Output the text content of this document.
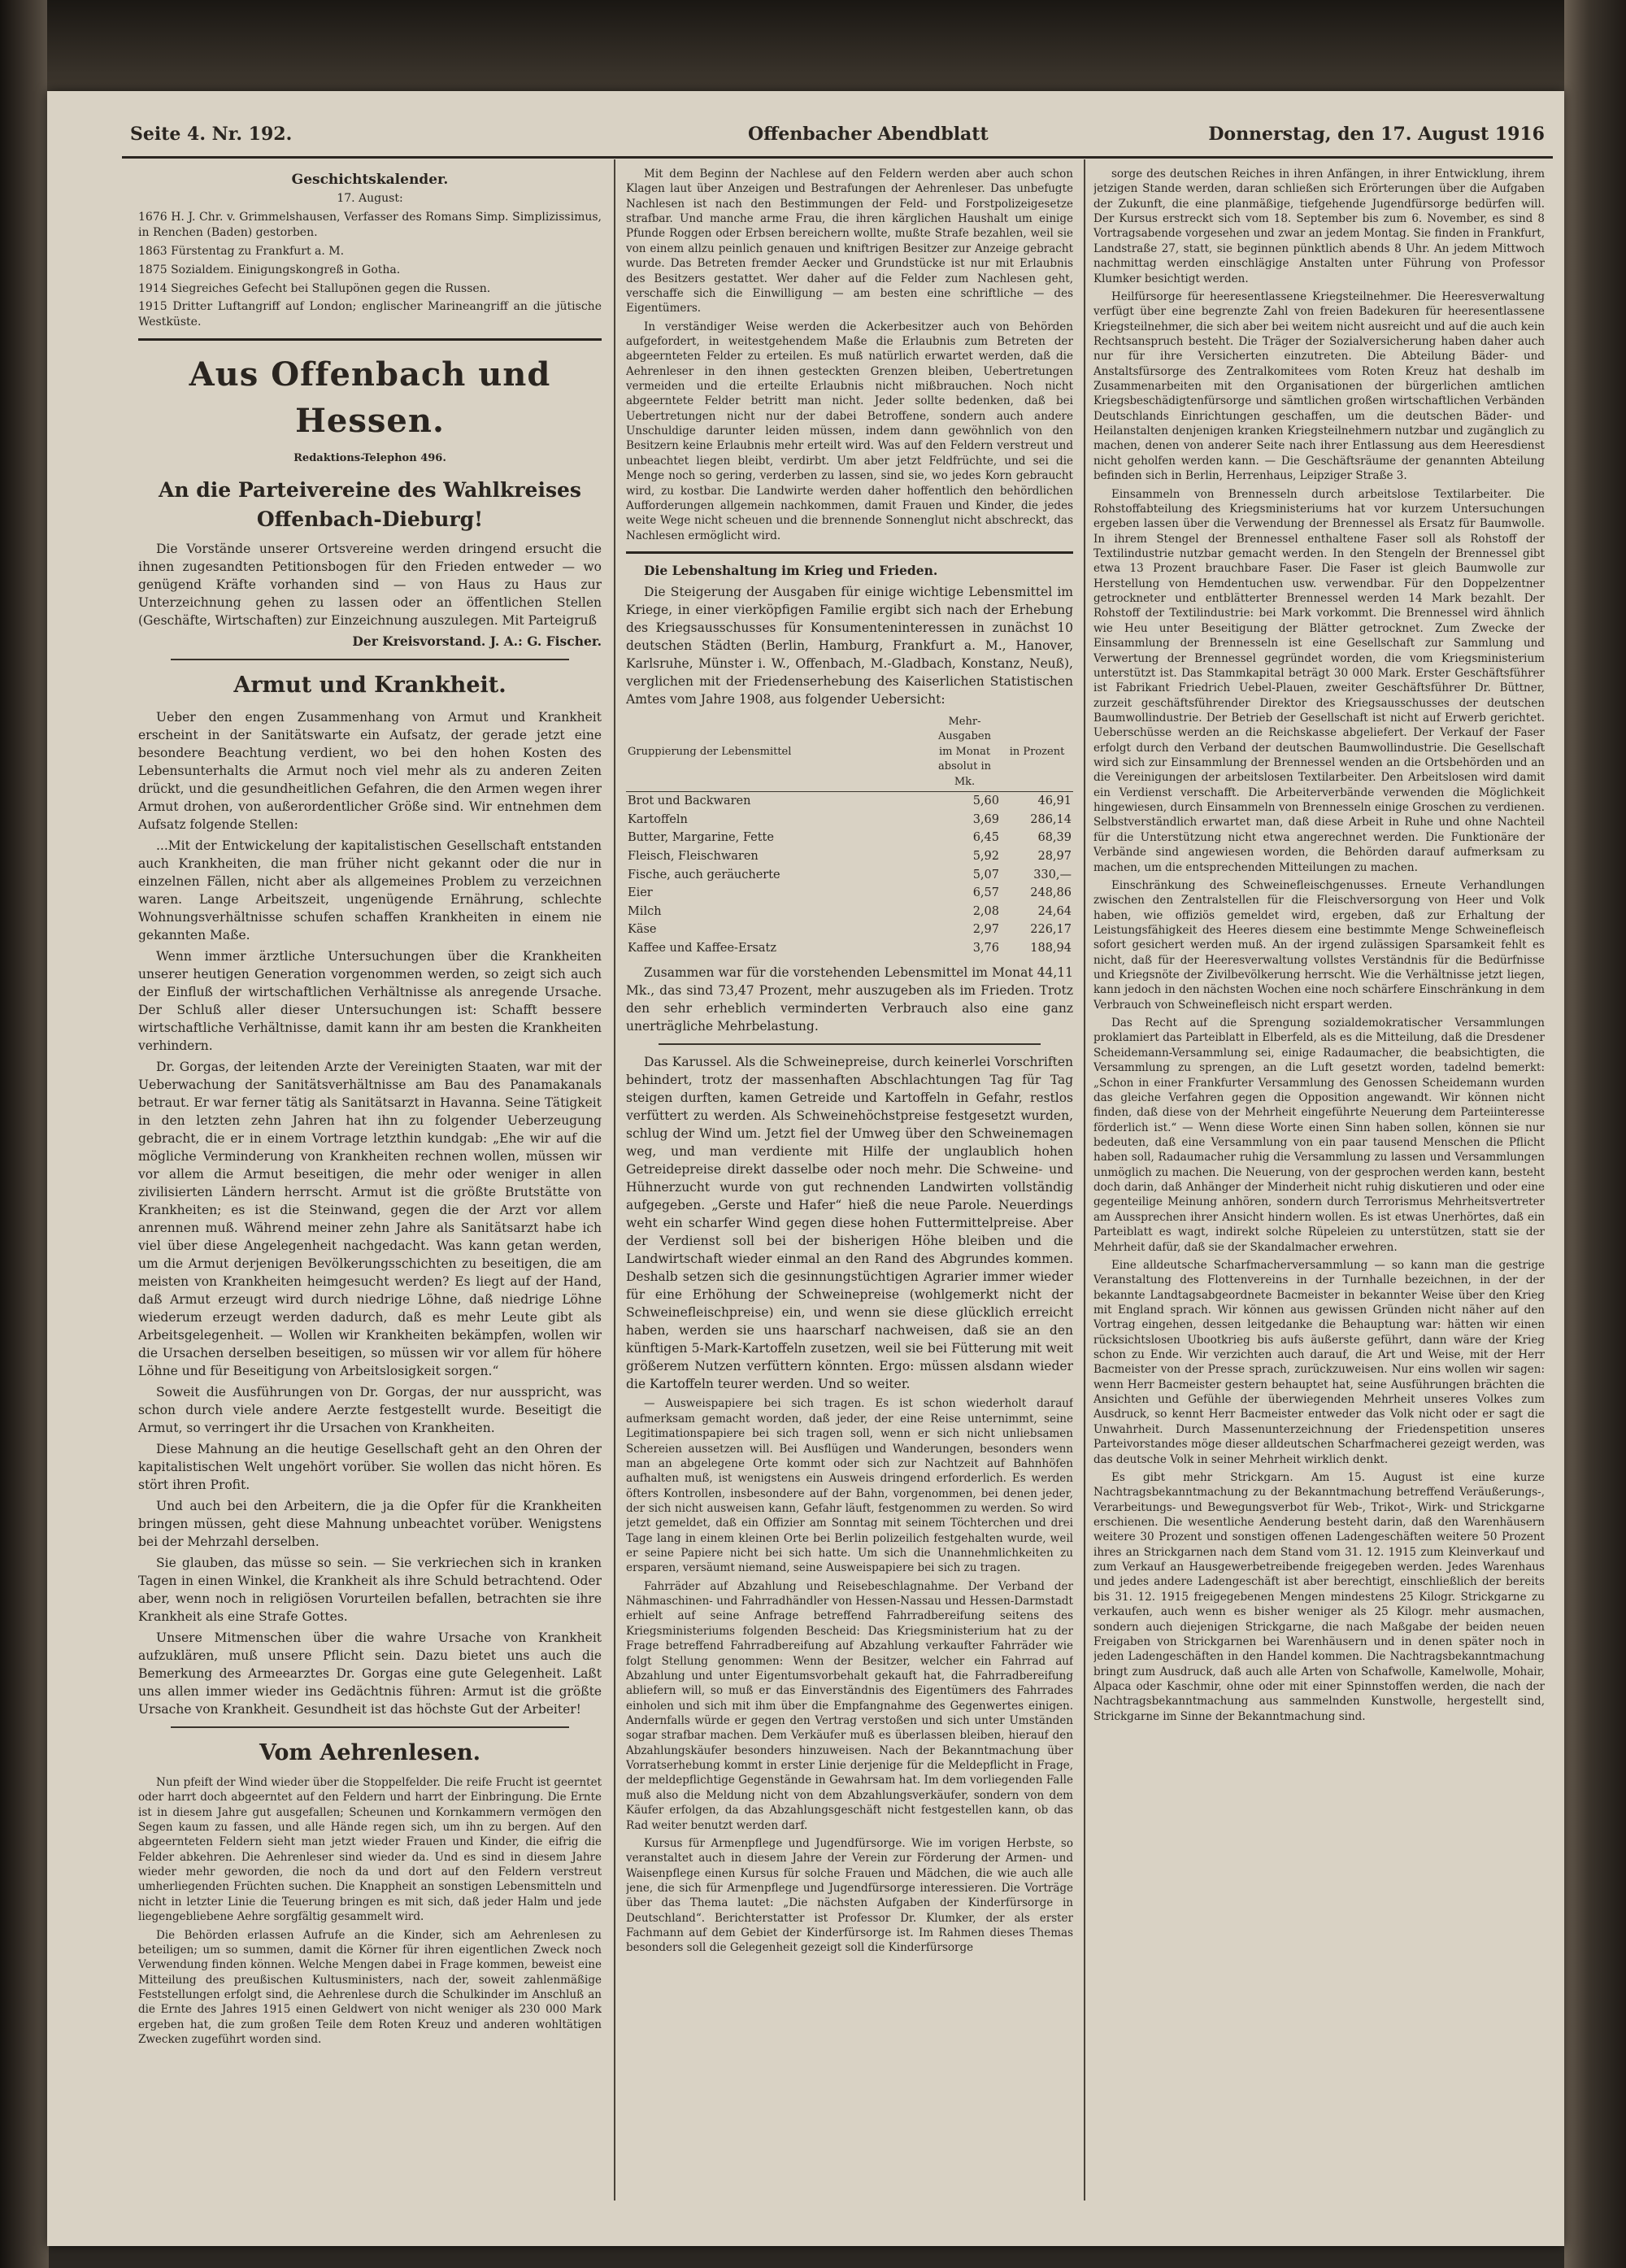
Seite 4. Nr. 192.	Offenbacher Abendblatt	Donnerstag, den 17. August 1916
Geschichtskalender.

17. August:

1676 H. J. Chr. v. Grimmelshausen, Verfasser des Romans Simp. Simplizissimus, in Renchen (Baden) gestorben.

1863 Fürstentag zu Frankfurt a. M.

1875 Sozialdem. Einigungskongreß in Gotha.

1914 Siegreiches Gefecht bei Stallupönen gegen die Russen.

1915 Dritter Luftangriff auf London; englischer Marineangriff an die jütische Westküste.

Aus Offenbach und Hessen.
Redaktions-Telephon 496.
An die Parteivereine des Wahlkreises Offenbach-Dieburg!

Die Vorstände unserer Ortsvereine werden dringend ersucht die ihnen zugesandten Petitionsbogen für den Frieden entweder — wo genügend Kräfte vorhanden sind — von Haus zu Haus zur Unterzeichnung gehen zu lassen oder an öffentlichen Stellen (Geschäfte, Wirtschaften) zur Einzeichnung auszulegen. Mit Parteigruß

Der Kreisvorstand. J. A.: G. Fischer.

Armut und Krankheit.

Ueber den engen Zusammenhang von Armut und Krankheit erscheint in der Sanitätswarte ein Aufsatz, der gerade jetzt eine besondere Beachtung verdient, wo bei den hohen Kosten des Lebensunterhalts die Armut noch viel mehr als zu anderen Zeiten drückt, und die gesundheitlichen Gefahren, die den Armen wegen ihrer Armut drohen, von außerordentlicher Größe sind. Wir entnehmen dem Aufsatz folgende Stellen:

...Mit der Entwickelung der kapitalistischen Gesellschaft entstanden auch Krankheiten, die man früher nicht gekannt oder die nur in einzelnen Fällen, nicht aber als allgemeines Problem zu verzeichnen waren. Lange Arbeitszeit, ungenügende Ernährung, schlechte Wohnungsverhältnisse schufen schaffen Krankheiten in einem nie gekannten Maße.

Wenn immer ärztliche Untersuchungen über die Krankheiten unserer heutigen Generation vorgenommen werden, so zeigt sich auch der Einfluß der wirtschaftlichen Verhältnisse als anregende Ursache. Der Schluß aller dieser Untersuchungen ist: Schafft bessere wirtschaftliche Verhältnisse, damit kann ihr am besten die Krankheiten verhindern.

Dr. Gorgas, der leitenden Arzte der Vereinigten Staaten, war mit der Ueberwachung der Sanitätsverhältnisse am Bau des Panamakanals betraut. Er war ferner tätig als Sanitätsarzt in Havanna. Seine Tätigkeit in den letzten zehn Jahren hat ihn zu folgender Ueberzeugung gebracht, die er in einem Vortrage letzthin kundgab: „Ehe wir auf die mögliche Verminderung von Krankheiten rechnen wollen, müssen wir vor allem die Armut beseitigen, die mehr oder weniger in allen zivilisierten Ländern herrscht. Armut ist die größte Brutstätte von Krankheiten; es ist die Steinwand, gegen die der Arzt vor allem anrennen muß. Während meiner zehn Jahre als Sanitätsarzt habe ich viel über diese Angelegenheit nachgedacht. Was kann getan werden, um die Armut derjenigen Bevölkerungsschichten zu beseitigen, die am meisten von Krankheiten heimgesucht werden? Es liegt auf der Hand, daß Armut erzeugt wird durch niedrige Löhne, daß niedrige Löhne wiederum erzeugt werden dadurch, daß es mehr Leute gibt als Arbeitsgelegenheit. — Wollen wir Krankheiten bekämpfen, wollen wir die Ursachen derselben beseitigen, so müssen wir vor allem für höhere Löhne und für Beseitigung von Arbeitslosigkeit sorgen.“

Soweit die Ausführungen von Dr. Gorgas, der nur ausspricht, was schon durch viele andere Aerzte festgestellt wurde. Beseitigt die Armut, so verringert ihr die Ursachen von Krankheiten.

Diese Mahnung an die heutige Gesellschaft geht an den Ohren der kapitalistischen Welt ungehört vorüber. Sie wollen das nicht hören. Es stört ihren Profit.

Und auch bei den Arbeitern, die ja die Opfer für die Krankheiten bringen müssen, geht diese Mahnung unbeachtet vorüber. Wenigstens bei der Mehrzahl derselben.

Sie glauben, das müsse so sein. — Sie verkriechen sich in kranken Tagen in einen Winkel, die Krankheit als ihre Schuld betrachtend. Oder aber, wenn noch in religiösen Vorurteilen befallen, betrachten sie ihre Krankheit als eine Strafe Gottes.

Unsere Mitmenschen über die wahre Ursache von Krankheit aufzuklären, muß unsere Pflicht sein. Dazu bietet uns auch die Bemerkung des Armeearztes Dr. Gorgas eine gute Gelegenheit. Laßt uns allen immer wieder ins Gedächtnis führen: Armut ist die größte Ursache von Krankheit. Gesundheit ist das höchste Gut der Arbeiter!

Vom Aehrenlesen.

Nun pfeift der Wind wieder über die Stoppelfelder. Die reife Frucht ist geerntet oder harrt doch abgeerntet auf den Feldern und harrt der Einbringung. Die Ernte ist in diesem Jahre gut ausgefallen; Scheunen und Kornkammern vermögen den Segen kaum zu fassen, und alle Hände regen sich, um ihn zu bergen. Auf den abgeernteten Feldern sieht man jetzt wieder Frauen und Kinder, die eifrig die Felder abkehren. Die Aehrenleser sind wieder da. Und es sind in diesem Jahre wieder mehr geworden, die noch da und dort auf den Feldern verstreut umherliegenden Früchten suchen. Die Knappheit an sonstigen Lebensmitteln und nicht in letzter Linie die Teuerung bringen es mit sich, daß jeder Halm und jede liegengebliebene Aehre sorgfältig gesammelt wird.

Die Behörden erlassen Aufrufe an die Kinder, sich am Aehrenlesen zu beteiligen; um so summen, damit die Körner für ihren eigentlichen Zweck noch Verwendung finden können. Welche Mengen dabei in Frage kommen, beweist eine Mitteilung des preußischen Kultusministers, nach der, soweit zahlenmäßige Feststellungen erfolgt sind, die Aehrenlese durch die Schulkinder im Anschluß an die Ernte des Jahres 1915 einen Geldwert von nicht weniger als 230 000 Mark ergeben hat, die zum großen Teile dem Roten Kreuz und anderen wohltätigen Zwecken zugeführt worden sind.

Mit dem Beginn der Nachlese auf den Feldern werden aber auch schon Klagen laut über Anzeigen und Bestrafungen der Aehrenleser. Das unbefugte Nachlesen ist nach den Bestimmungen der Feld- und Forstpolizeigesetze strafbar. Und manche arme Frau, die ihren kärglichen Haushalt um einige Pfunde Roggen oder Erbsen bereichern wollte, mußte Strafe bezahlen, weil sie von einem allzu peinlich genauen und kniftrigen Besitzer zur Anzeige gebracht wurde. Das Betreten fremder Aecker und Grundstücke ist nur mit Erlaubnis des Besitzers gestattet. Wer daher auf die Felder zum Nachlesen geht, verschaffe sich die Einwilligung — am besten eine schriftliche — des Eigentümers.

In verständiger Weise werden die Ackerbesitzer auch von Behörden aufgefordert, in weitestgehendem Maße die Erlaubnis zum Betreten der abgeernteten Felder zu erteilen. Es muß natürlich erwartet werden, daß die Aehrenleser in den ihnen gesteckten Grenzen bleiben, Uebertretungen vermeiden und die erteilte Erlaubnis nicht mißbrauchen. Noch nicht abgeerntete Felder betritt man nicht. Jeder sollte bedenken, daß bei Uebertretungen nicht nur der dabei Betroffene, sondern auch andere Unschuldige darunter leiden müssen, indem dann gewöhnlich von den Besitzern keine Erlaubnis mehr erteilt wird. Was auf den Feldern verstreut und unbeachtet liegen bleibt, verdirbt. Um aber jetzt Feldfrüchte, und sei die Menge noch so gering, verderben zu lassen, sind sie, wo jedes Korn gebraucht wird, zu kostbar. Die Landwirte werden daher hoffentlich den behördlichen Aufforderungen allgemein nachkommen, damit Frauen und Kinder, die jedes weite Wege nicht scheuen und die brennende Sonnenglut nicht abschreckt, das Nachlesen ermöglicht wird.

Die Lebenshaltung im Krieg und Frieden.

Die Steigerung der Ausgaben für einige wichtige Lebensmittel im Kriege, in einer vierköpfigen Familie ergibt sich nach der Erhebung des Kriegsausschusses für Konsumenteninteressen in zunächst 10 deutschen Städten (Berlin, Hamburg, Frankfurt a. M., Hanover, Karlsruhe, Münster i. W., Offenbach, M.-Gladbach, Konstanz, Neuß), verglichen mit der Friedenserhebung des Kaiserlichen Statistischen Amtes vom Jahre 1908, aus folgender Uebersicht:

Gruppierung der Lebensmittel	Mehr-Ausgaben im Monat absolut in Mk.	in Prozent
Brot und Backwaren	5,60	46,91
Kartoffeln	3,69	286,14
Butter, Margarine, Fette	6,45	68,39
Fleisch, Fleischwaren	5,92	28,97
Fische, auch geräucherte	5,07	330,—
Eier	6,57	248,86
Milch	2,08	24,64
Käse	2,97	226,17
Kaffee und Kaffee-Ersatz	3,76	188,94

Zusammen war für die vorstehenden Lebensmittel im Monat 44,11 Mk., das sind 73,47 Prozent, mehr auszugeben als im Frieden. Trotz den sehr erheblich verminderten Verbrauch also eine ganz unerträgliche Mehrbelastung.

Das Karussel. Als die Schweinepreise, durch keinerlei Vorschriften behindert, trotz der massenhaften Abschlachtungen Tag für Tag steigen durften, kamen Getreide und Kartoffeln in Gefahr, restlos verfüttert zu werden. Als Schweinehöchstpreise festgesetzt wurden, schlug der Wind um. Jetzt fiel der Umweg über den Schweinemagen weg, und man verdiente mit Hilfe der unglaublich hohen Getreidepreise direkt dasselbe oder noch mehr. Die Schweine- und Hühnerzucht wurde von gut rechnenden Landwirten vollständig aufgegeben. „Gerste und Hafer“ hieß die neue Parole. Neuerdings weht ein scharfer Wind gegen diese hohen Futtermittelpreise. Aber der Verdienst soll bei der bisherigen Höhe bleiben und die Landwirtschaft wieder einmal an den Rand des Abgrundes kommen. Deshalb setzen sich die gesinnungstüchtigen Agrarier immer wieder für eine Erhöhung der Schweinepreise (wohlgemerkt nicht der Schweinefleischpreise) ein, und wenn sie diese glücklich erreicht haben, werden sie uns haarscharf nachweisen, daß sie an den künftigen 5-Mark-Kartoffeln zusetzen, weil sie bei Fütterung mit weit größerem Nutzen verfüttern könnten. Ergo: müssen alsdann wieder die Kartoffeln teurer werden. Und so weiter.

— Ausweispapiere bei sich tragen. Es ist schon wiederholt darauf aufmerksam gemacht worden, daß jeder, der eine Reise unternimmt, seine Legitimationspapiere bei sich tragen soll, wenn er sich nicht unliebsamen Schereien aussetzen will. Bei Ausflügen und Wanderungen, besonders wenn man an abgelegene Orte kommt oder sich zur Nachtzeit auf Bahnhöfen aufhalten muß, ist wenigstens ein Ausweis dringend erforderlich. Es werden öfters Kontrollen, insbesondere auf der Bahn, vorgenommen, bei denen jeder, der sich nicht ausweisen kann, Gefahr läuft, festgenommen zu werden. So wird jetzt gemeldet, daß ein Offizier am Sonntag mit seinem Töchterchen und drei Tage lang in einem kleinen Orte bei Berlin polizeilich festgehalten wurde, weil er seine Papiere nicht bei sich hatte. Um sich die Unannehmlichkeiten zu ersparen, versäumt niemand, seine Ausweispapiere bei sich zu tragen.

Fahrräder auf Abzahlung und Reisebeschlagnahme. Der Verband der Nähmaschinen- und Fahrradhändler von Hessen-Nassau und Hessen-Darmstadt erhielt auf seine Anfrage betreffend Fahrradbereifung seitens des Kriegsministeriums folgenden Bescheid: Das Kriegsministerium hat zu der Frage betreffend Fahrradbereifung auf Abzahlung verkaufter Fahrräder wie folgt Stellung genommen: Wenn der Besitzer, welcher ein Fahrrad auf Abzahlung und unter Eigentumsvorbehalt gekauft hat, die Fahrradbereifung abliefern will, so muß er das Einverständnis des Eigentümers des Fahrrades einholen und sich mit ihm über die Empfangnahme des Gegenwertes einigen. Andernfalls würde er gegen den Vertrag verstoßen und sich unter Umständen sogar strafbar machen. Dem Verkäufer muß es überlassen bleiben, hierauf den Abzahlungskäufer besonders hinzuweisen. Nach der Bekanntmachung über Vorratserhebung kommt in erster Linie derjenige für die Meldepflicht in Frage, der meldepflichtige Gegenstände in Gewahrsam hat. Im dem vorliegenden Falle muß also die Meldung nicht von dem Abzahlungsverkäufer, sondern von dem Käufer erfolgen, da das Abzahlungsgeschäft nicht festgestellen kann, ob das Rad weiter benutzt werden darf.

Kursus für Armenpflege und Jugendfürsorge. Wie im vorigen Herbste, so veranstaltet auch in diesem Jahre der Verein zur Förderung der Armen- und Waisenpflege einen Kursus für solche Frauen und Mädchen, die wie auch alle jene, die sich für Armenpflege und Jugendfürsorge interessieren. Die Vorträge über das Thema lautet: „Die nächsten Aufgaben der Kinderfürsorge in Deutschland“. Berichterstatter ist Professor Dr. Klumker, der als erster Fachmann auf dem Gebiet der Kinderfürsorge ist. Im Rahmen dieses Themas besonders soll die Gelegenheit gezeigt soll die Kinderfürsorge

sorge des deutschen Reiches in ihren Anfängen, in ihrer Entwicklung, ihrem jetzigen Stande werden, daran schließen sich Erörterungen über die Aufgaben der Zukunft, die eine planmäßige, tiefgehende Jugendfürsorge bedürfen will. Der Kursus erstreckt sich vom 18. September bis zum 6. November, es sind 8 Vortragsabende vorgesehen und zwar an jedem Montag. Sie finden in Frankfurt, Landstraße 27, statt, sie beginnen pünktlich abends 8 Uhr. An jedem Mittwoch nachmittag werden einschlägige Anstalten unter Führung von Professor Klumker besichtigt werden.

Heilfürsorge für heeresentlassene Kriegsteilnehmer. Die Heeresverwaltung verfügt über eine begrenzte Zahl von freien Badekuren für heeresentlassene Kriegsteilnehmer, die sich aber bei weitem nicht ausreicht und auf die auch kein Rechtsanspruch besteht. Die Träger der Sozialversicherung haben daher auch nur für ihre Versicherten einzutreten. Die Abteilung Bäder- und Anstaltsfürsorge des Zentralkomitees vom Roten Kreuz hat deshalb im Zusammenarbeiten mit den Organisationen der bürgerlichen amtlichen Kriegsbeschädigtenfürsorge und sämtlichen großen wirtschaftlichen Verbänden Deutschlands Einrichtungen geschaffen, um die deutschen Bäder- und Heilanstalten denjenigen kranken Kriegsteilnehmern nutzbar und zugänglich zu machen, denen von anderer Seite nach ihrer Entlassung aus dem Heeresdienst nicht geholfen werden kann. — Die Geschäftsräume der genannten Abteilung befinden sich in Berlin, Herrenhaus, Leipziger Straße 3.

Einsammeln von Brennesseln durch arbeitslose Textilarbeiter. Die Rohstoffabteilung des Kriegsministeriums hat vor kurzem Untersuchungen ergeben lassen über die Verwendung der Brennessel als Ersatz für Baumwolle. In ihrem Stengel der Brennessel enthaltene Faser soll als Rohstoff der Textilindustrie nutzbar gemacht werden. In den Stengeln der Brennessel gibt etwa 13 Prozent brauchbare Faser. Die Faser ist gleich Baumwolle zur Herstellung von Hemdentuchen usw. verwendbar. Für den Doppelzentner getrockneter und entblätterter Brennessel werden 14 Mark bezahlt. Der Rohstoff der Textilindustrie: bei Mark vorkommt. Die Brennessel wird ähnlich wie Heu unter Beseitigung der Blätter getrocknet. Zum Zwecke der Einsammlung der Brennesseln ist eine Gesellschaft zur Sammlung und Verwertung der Brennessel gegründet worden, die vom Kriegsministerium unterstützt ist. Das Stammkapital beträgt 30 000 Mark. Erster Geschäftsführer ist Fabrikant Friedrich Uebel-Plauen, zweiter Geschäftsführer Dr. Büttner, zurzeit geschäftsführender Direktor des Kriegsausschusses der deutschen Baumwollindustrie. Der Betrieb der Gesellschaft ist nicht auf Erwerb gerichtet. Ueberschüsse werden an die Reichskasse abgeliefert. Der Verkauf der Faser erfolgt durch den Verband der deutschen Baumwollindustrie. Die Gesellschaft wird sich zur Einsammlung der Brennessel wenden an die Ortsbehörden und an die Vereinigungen der arbeitslosen Textilarbeiter. Den Arbeitslosen wird damit ein Verdienst verschafft. Die Arbeiterverbände verwenden die Möglichkeit hingewiesen, durch Einsammeln von Brennesseln einige Groschen zu verdienen. Selbstverständlich erwartet man, daß diese Arbeit in Ruhe und ohne Nachteil für die Unterstützung nicht etwa angerechnet werden. Die Funktionäre der Verbände sind angewiesen worden, die Behörden darauf aufmerksam zu machen, um die entsprechenden Mitteilungen zu machen.

Einschränkung des Schweinefleischgenusses. Erneute Verhandlungen zwischen den Zentralstellen für die Fleischversorgung von Heer und Volk haben, wie offiziös gemeldet wird, ergeben, daß zur Erhaltung der Leistungsfähigkeit des Heeres diesem eine bestimmte Menge Schweinefleisch sofort gesichert werden muß. An der irgend zulässigen Sparsamkeit fehlt es nicht, daß für der Heeresverwaltung vollstes Verständnis für die Bedürfnisse und Kriegsnöte der Zivilbevölkerung herrscht. Wie die Verhältnisse jetzt liegen, kann jedoch in den nächsten Wochen eine noch schärfere Einschränkung in dem Verbrauch von Schweinefleisch nicht erspart werden.

Das Recht auf die Sprengung sozialdemokratischer Versammlungen proklamiert das Parteiblatt in Elberfeld, als es die Mitteilung, daß die Dresdener Scheidemann-Versammlung sei, einige Radaumacher, die beabsichtigten, die Versammlung zu sprengen, an die Luft gesetzt worden, tadelnd bemerkt: „Schon in einer Frankfurter Versammlung des Genossen Scheidemann wurden das gleiche Verfahren gegen die Opposition angewandt. Wir können nicht finden, daß diese von der Mehrheit eingeführte Neuerung dem Parteiinteresse förderlich ist.“ — Wenn diese Worte einen Sinn haben sollen, können sie nur bedeuten, daß eine Versammlung von ein paar tausend Menschen die Pflicht haben soll, Radaumacher ruhig die Versammlung zu lassen und Versammlungen unmöglich zu machen. Die Neuerung, von der gesprochen werden kann, besteht doch darin, daß Anhänger der Minderheit nicht ruhig diskutieren und oder eine gegenteilige Meinung anhören, sondern durch Terrorismus Mehrheitsvertreter am Aussprechen ihrer Ansicht hindern wollen. Es ist etwas Unerhörtes, daß ein Parteiblatt es wagt, indirekt solche Rüpeleien zu unterstützen, statt sie der Mehrheit dafür, daß sie der Skandalmacher erwehren.

Eine alldeutsche Scharfmacherversammlung — so kann man die gestrige Veranstaltung des Flottenvereins in der Turnhalle bezeichnen, in der der bekannte Landtagsabgeordnete Bacmeister in bekannter Weise über den Krieg mit England sprach. Wir können aus gewissen Gründen nicht näher auf den Vortrag eingehen, dessen leitgedanke die Behauptung war: hätten wir einen rücksichtslosen Ubootkrieg bis aufs äußerste geführt, dann wäre der Krieg schon zu Ende. Wir verzichten auch darauf, die Art und Weise, mit der Herr Bacmeister von der Presse sprach, zurückzuweisen. Nur eins wollen wir sagen: wenn Herr Bacmeister gestern behauptet hat, seine Ausführungen brächten die Ansichten und Gefühle der überwiegenden Mehrheit unseres Volkes zum Ausdruck, so kennt Herr Bacmeister entweder das Volk nicht oder er sagt die Unwahrheit. Durch Massenunterzeichnung der Friedenspetition unseres Parteivorstandes möge dieser alldeutschen Scharfmacherei gezeigt werden, was das deutsche Volk in seiner Mehrheit wirklich denkt.

Es gibt mehr Strickgarn. Am 15. August ist eine kurze Nachtragsbekanntmachung zu der Bekanntmachung betreffend Veräußerungs-, Verarbeitungs- und Bewegungsverbot für Web-, Trikot-, Wirk- und Strickgarne erschienen. Die wesentliche Aenderung besteht darin, daß den Warenhäusern weitere 30 Prozent und sonstigen offenen Ladengeschäften weitere 50 Prozent ihres an Strickgarnen nach dem Stand vom 31. 12. 1915 zum Kleinverkauf und zum Verkauf an Hausgewerbetreibende freigegeben werden. Jedes Warenhaus und jedes andere Ladengeschäft ist aber berechtigt, einschließlich der bereits bis 31. 12. 1915 freigegebenen Mengen mindestens 25 Kilogr. Strickgarne zu verkaufen, auch wenn es bisher weniger als 25 Kilogr. mehr ausmachen, sondern auch diejenigen Strickgarne, die nach Maßgabe der beiden neuen Freigaben von Strickgarnen bei Warenhäusern und in denen später noch in jeden Ladengeschäften in den Handel kommen. Die Nachtragsbekanntmachung bringt zum Ausdruck, daß auch alle Arten von Schafwolle, Kamelwolle, Mohair, Alpaca oder Kaschmir, ohne oder mit einer Spinnstoffen werden, die nach der Nachtragsbekanntmachung aus sammelnden Kunstwolle, hergestellt sind, Strickgarne im Sinne der Bekanntmachung sind.
